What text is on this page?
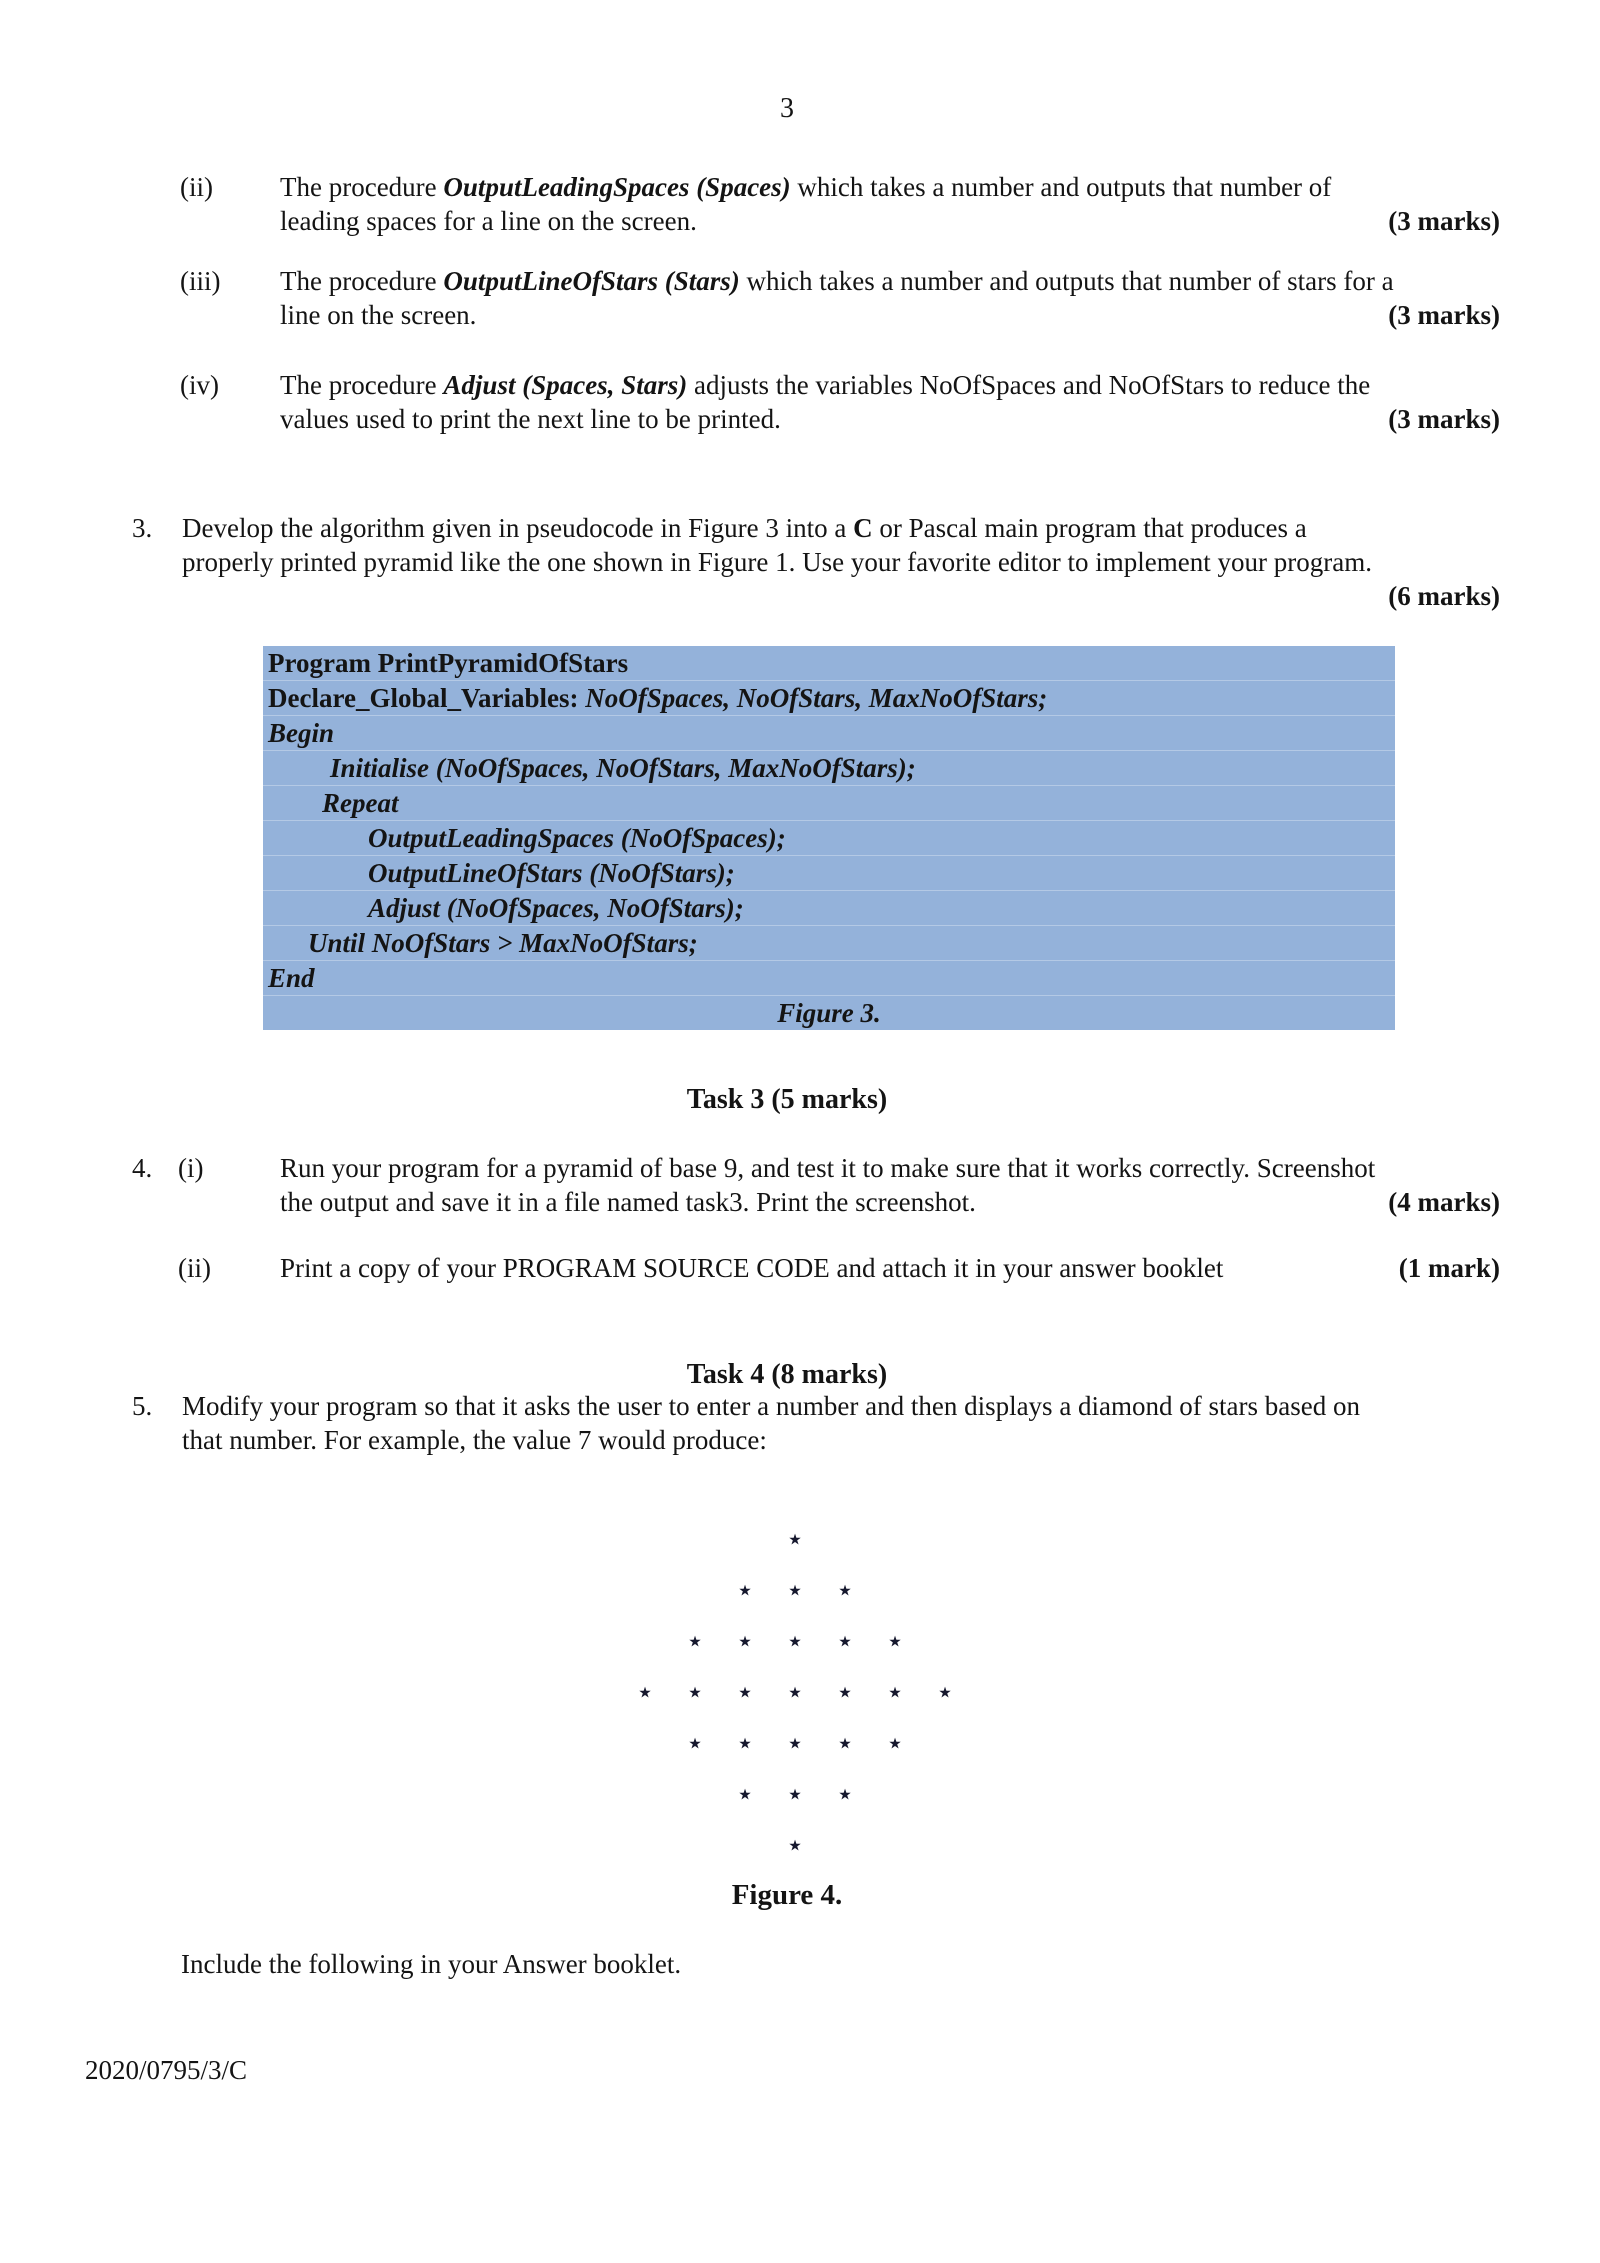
3
(ii)	The procedure OutputLeadingSpaces (Spaces) which takes a number and outputs that number of
leading spaces for a line on the screen.	(3 marks)
(iii)	The procedure OutputLineOfStars (Stars) which takes a number and outputs that number of stars for a
line on the screen.	(3 marks)
(iv)	The procedure Adjust (Spaces, Stars) adjusts the variables NoOfSpaces and NoOfStars to reduce the
values used to print the next line to be printed.	(3 marks)
3.	Develop the algorithm given in pseudocode in Figure 3 into a C or Pascal main program that produces a
properly printed pyramid like the one shown in Figure 1. Use your favorite editor to implement your program.
(6 marks)
Program PrintPyramidOfStars
Declare_Global_Variables: NoOfSpaces, NoOfStars, MaxNoOfStars;
Begin
Initialise (NoOfSpaces, NoOfStars, MaxNoOfStars);
Repeat
OutputLeadingSpaces (NoOfSpaces);
OutputLineOfStars (NoOfStars);
Adjust (NoOfSpaces, NoOfStars);
Until NoOfStars > MaxNoOfStars;
End
Figure 3.
Task 3 (5 marks)
4. (i)	Run your program for a pyramid of base 9, and test it to make sure that it works correctly. Screenshot
the output and save it in a file named task3. Print the screenshot.	(4 marks)
(ii)	Print a copy of your PROGRAM SOURCE CODE and attach it in your answer booklet	(1 mark)
Task 4 (8 marks)
5.	Modify your program so that it asks the user to enter a number and then displays a diamond of stars based on
that number. For example, the value 7 would produce:
⋆
⋆	⋆	⋆
⋆	⋆	⋆	⋆	⋆
⋆	⋆	⋆	⋆	⋆	⋆	⋆
⋆	⋆	⋆	⋆	⋆
⋆	⋆	⋆
⋆
Figure 4.
Include the following in your Answer booklet.
2020/0795/3/C
